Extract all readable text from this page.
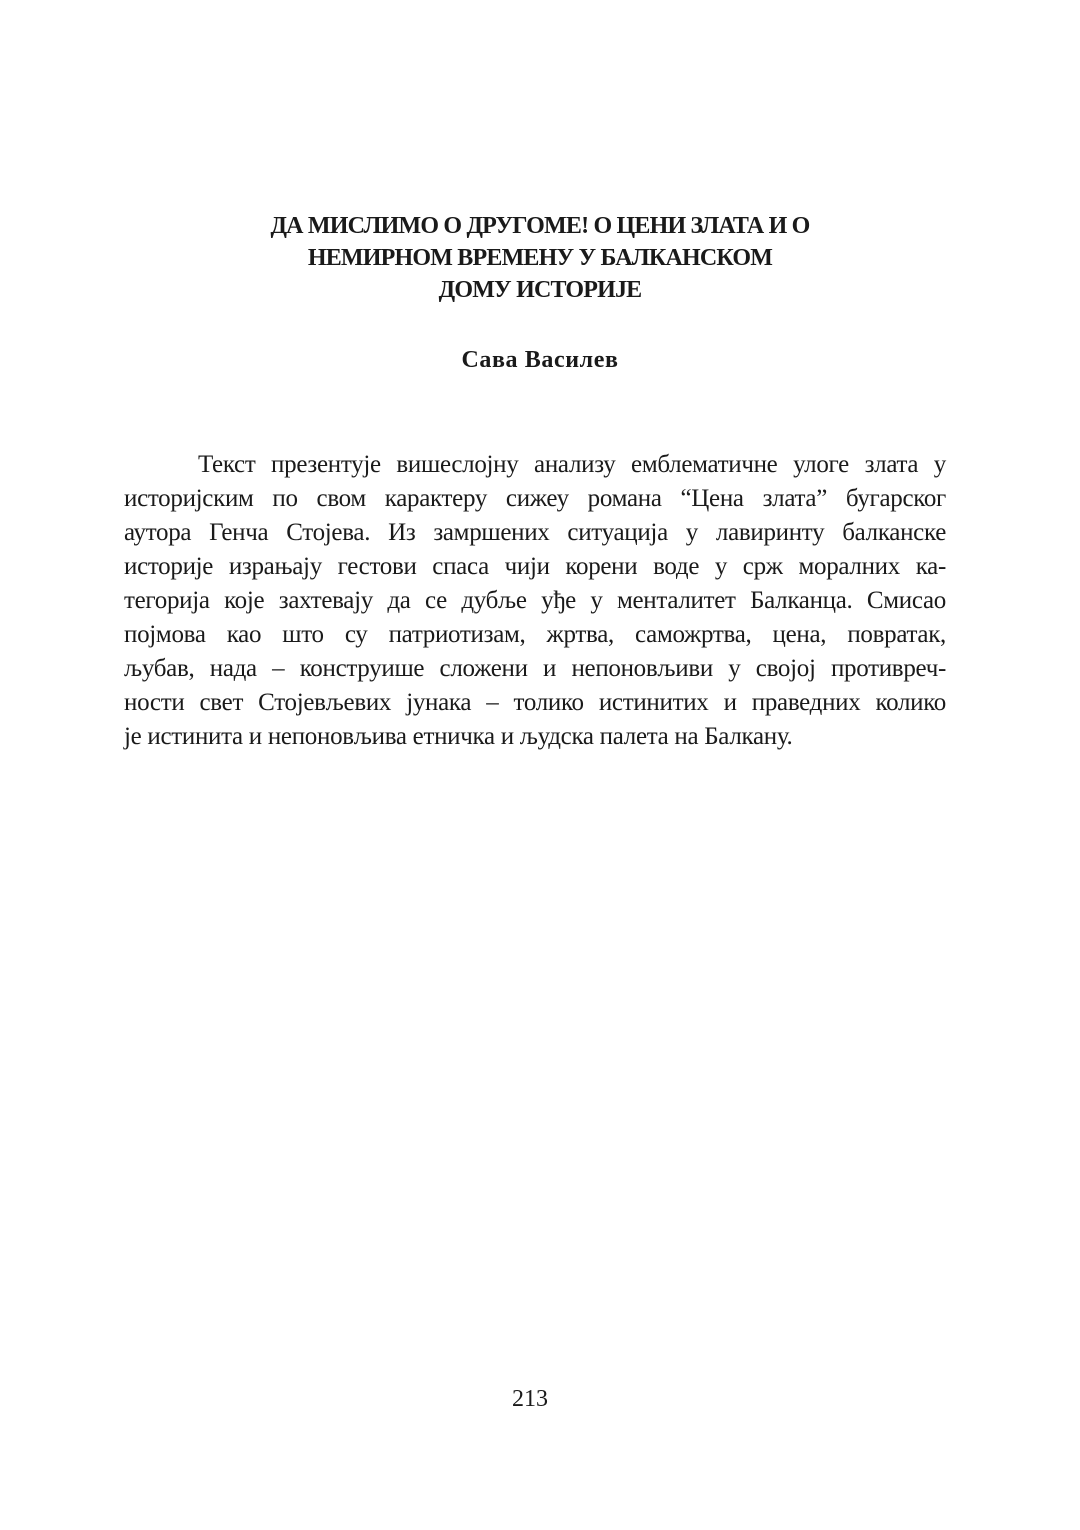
ДА МИСЛИМО О ДРУГОМЕ! О ЦЕНИ ЗЛАТА И О
НЕМИРНОМ ВРЕМЕНУ У БАЛКАНСКОМ
ДОМУ ИСТОРИЈЕ
Сава Василев
Текст презентује вишеслојну анализу емблематичне улоге злата у
историјским по свом карактеру сижеу романа “Цена злата” бугарског
аутора Генча Стојева. Из замршених ситуација у лавиринту балканске
историје израњају гестови спаса чији корени воде у срж моралних ка-
тегорија које захтевају да се дубље уђе у менталитет Балканца. Смисао
појмова као што су патриотизам, жртва, саможртва, цена, повратак,
љубав, нада – конструише сложени и непоновљиви у својој противреч-
ности свет Стојевљевих јунака – толико истинитих и праведних колико
је истинита и непоновљива етничка и људска палета на Балкану.
213
